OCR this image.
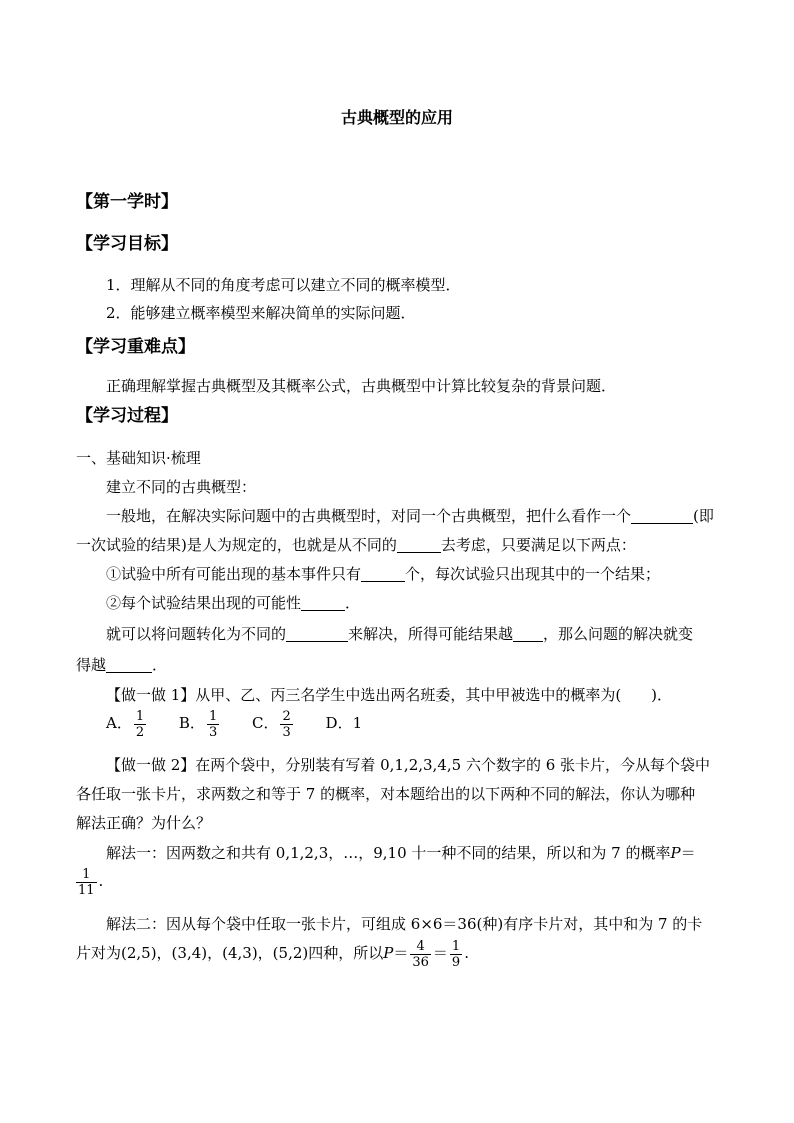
古典概型的应用
【第一学时】
【学习目标】
1．理解从不同的角度考虑可以建立不同的概率模型．
2．能够建立概率模型来解决简单的实际问题．
【学习重难点】
正确理解掌握古典概型及其概率公式，古典概型中计算比较复杂的背景问题．
【学习过程】
一、基础知识·梳理
建立不同的古典概型：
一般地，在解决实际问题中的古典概型时，对同一个古典概型，把什么看作一个	(即
一次试验的结果)是人为规定的，也就是从不同的	去考虑，只要满足以下两点：
①试验中所有可能出现的基本事件只有	个，每次试验只出现其中的一个结果；
②每个试验结果出现的可能性	．
就可以将问题转化为不同的	来解决，所得可能结果越 ，那么问题的解决就变
得越	．
【做一做 1】从甲、乙、丙三名学生中选出两名班委，其中甲被选中的概率为(　　)．
A． $\frac{1}{2}$ B． $\frac{1}{3}$ C． $\frac{2}{3}$ D．1
【做一做 2】在两个袋中，分别装有写着 0,1,2,3,4,5 六个数字的 6 张卡片，今从每个袋中
各任取一张卡片，求两数之和等于 7 的概率，对本题给出的以下两种不同的解法，你认为哪种
解法正确？为什么？
解法一：因两数之和共有 0,1,2,3，…，9,10 十一种不同的结果，所以和为 7 的概率P＝
$\frac{1}{11}$ .
解法二：因从每个袋中任取一张卡片，可组成 6×6＝36(种)有序卡片对，其中和为 7 的卡
片对为(2,5)，(3,4)，(4,3)，(5,2)四种，所以$P= \frac{4}{36} = \frac{1}{9}$ .
